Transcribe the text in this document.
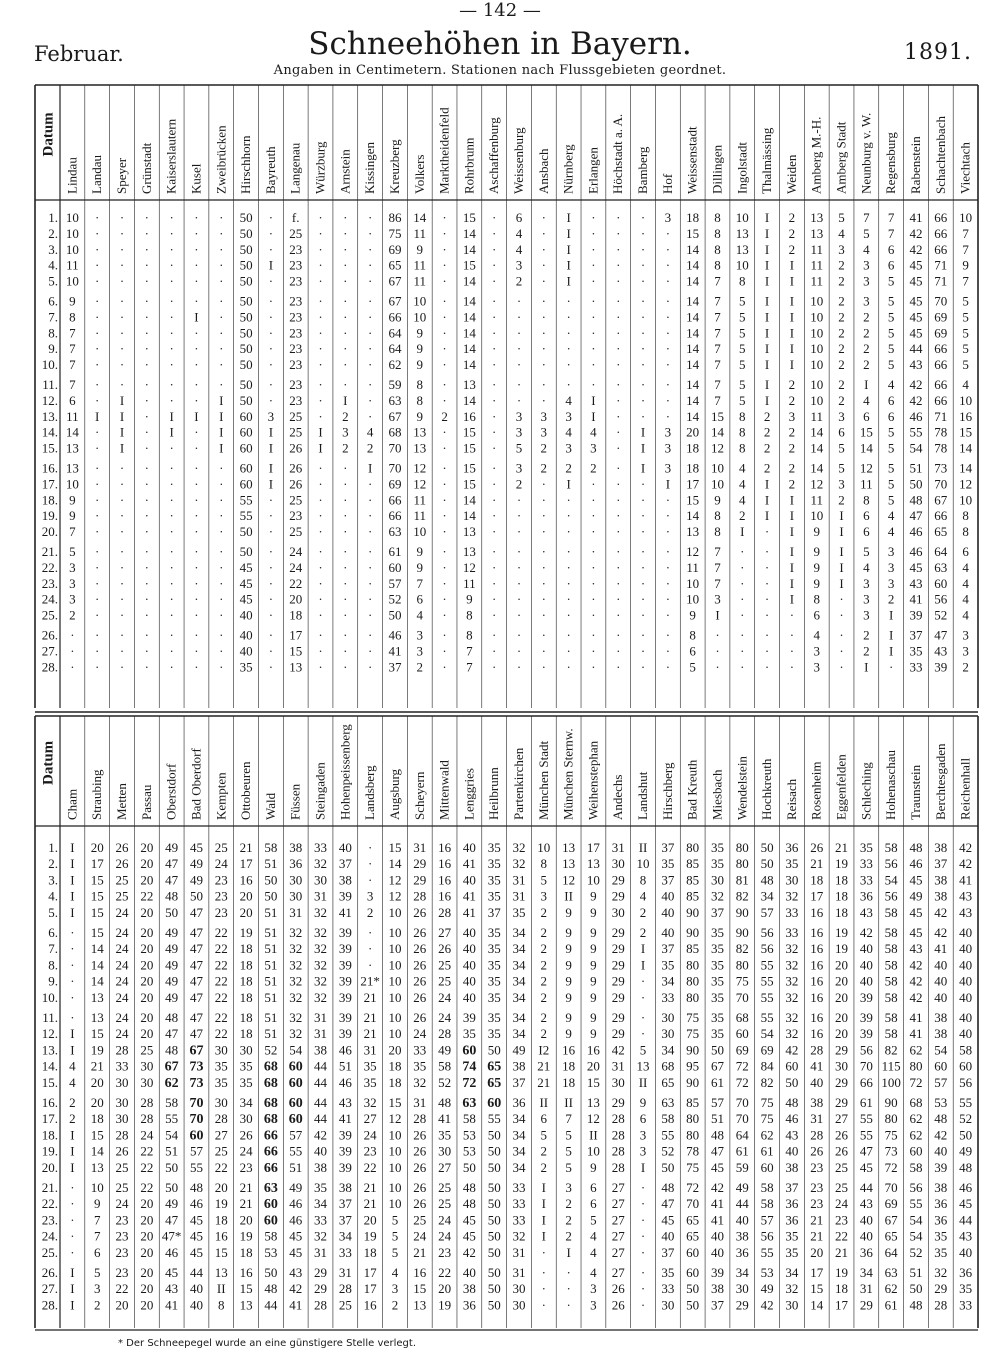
— 142 —
Februar.	Schneehöhen in Bayern.
Angaben in Centimetern. Stationen nach Flussgebieten geordnet.
1891.
Datum
Lindau Landau Speyer Grünstadt Kaiserslautern Kusel Zweibrücken Hirschhorn Bayreuth Langenau Würzburg Arnstein Kissingen Kreuzberg Volkers Marktheidenfeld Rohrbrunn Aschaffenburg Weissenburg Ansbach Nürnberg Erlangen Höchstadt a. A. Bamberg Hof Weissenstadt Dillingen Ingolstadt Thalmässing Weiden Amberg M.-H. Amberg Stadt Neunburg v. W. Regensburg Rabenstein Schachtenbach Viechtach
1. 10 · · · · · · 50 · f. · · · 86 14 · 15 · 6 · I · · · 3 18 8 10 I 2 13 5 7 7 41 66 10
2. 10 · · · · · · 50 · 25 · · · 75 11 · 14 · 4 · I · · · · 15 8 13 I 2 13 4 5 7 42 66 7
3. 10 · · · · · · 50 · 23 · · · 69 9 · 14 · 4 · I · · · · 14 8 13 I 2 11 3 4 6 42 66 7
4. 11 · · · · · · 50 I 23 · · · 65 11 · 15 · 3 · I · · · · 14 8 10 I I 11 2 3 6 45 71 9
5. 10 · · · · · · 50 · 23 · · · 67 11 · 14 · 2 · I · · · · 14 7 8 I I 11 2 3 5 45 71 7
6. 9 · · · · · · 50 · 23 · · · 67 10 · 14 · · · · · · · · 14 7 5 I I 10 2 3 5 45 70 5
7. 8 · · · · I · 50 · 23 · · · 66 10 · 14 · · · · · · · · 14 7 5 I I 10 2 2 5 45 69 5
8. 7 · · · · · · 50 · 23 · · · 64 9 · 14 · · · · · · · · 14 7 5 I I 10 2 2 5 45 69 5
9. 7 · · · · · · 50 · 23 · · · 64 9 · 14 · · · · · · · · 14 7 5 I I 10 2 2 5 44 66 5
10. 7 · · · · · · 50 · 23 · · · 62 9 · 14 · · · · · · · · 14 7 5 I I 10 2 2 5 43 66 5
11. 7 · · · · · · 50 · 23 · · · 59 8 · 13 · · · · · · · · 14 7 5 I 2 10 2 I 4 42 66 4
12. 6 · I · · · I 50 · 23 · I · 63 8 · 14 · · · 4 I · · · 14 7 5 I 2 10 2 4 6 42 66 10
13. 11 I I · I I I 60 3 25 · 2 · 67 9 2 16 · 3 3 3 I · · · 14 15 8 2 3 11 3 6 6 46 71 16
14. 14 · I · I · I 60 I 25 I 3 4 68 13 · 15 · 3 3 4 4 · I 3 20 14 8 2 2 14 6 15 5 55 78 15
15. 13 · I · · · I 60 I 26 I 2 2 70 13 · 15 · 5 2 3 3 · I 3 18 12 8 2 2 14 5 14 5 54 78 14
16. 13 · · · · · · 60 I 26 · · I 70 12 · 15 · 3 2 2 2 · I 3 18 10 4 2 2 14 5 12 5 51 73 14
17. 10 · · · · · · 60 I 26 · · · 69 12 · 15 · 2 · I · · · I 17 10 4 I 2 12 3 11 5 50 70 12
18. 9 · · · · · · 55 · 25 · · · 66 11 · 14 · · · · · · · · 15 9 4 I I 11 2 8 5 48 67 10
19. 9 · · · · · · 55 · 23 · · · 66 11 · 14 · · · · · · · · 14 8 2 I I 10 I 6 4 47 66 8
20. 7 · · · · · · 50 · 25 · · · 63 10 · 13 · · · · · · · · 13 8 I · I 9 I 6 4 46 65 8
21. 5 · · · · · · 50 · 24 · · · 61 9 · 13 · · · · · · · · 12 7 · · I 9 I 5 3 46 64 6
22. 3 · · · · · · 45 · 24 · · · 60 9 · 12 · · · · · · · · 11 7 · · I 9 I 4 3 45 63 4
23. 3 · · · · · · 45 · 22 · · · 57 7 · 11 · · · · · · · · 10 7 · · I 9 I 3 3 43 60 4
24. 3 · · · · · · 45 · 20 · · · 52 6 · 9 · · · · · · · · 10 3 · · I 8 · 3 2 41 56 4
25. 2 · · · · · · 40 · 18 · · · 50 4 · 8 · · · · · · · · 9 I · · · 6 · 3 I 39 52 4
26. · · · · · · · 40 · 17 · · · 46 3 · 8 · · · · · · · · 8 · · · · 4 · 2 I 37 47 3
27. · · · · · · · 40 · 15 · · · 41 3 · 7 · · · · · · · · 6 · · · · 3 · 2 I 35 43 3
28. · · · · · · · 35 · 13 · · · 37 2 · 7 · · · · · · · · 5 · · · · 3 · I · 33 39 2
Datum
Cham Straubing Metten Passau Oberstdorf Bad Oberdorf Kempten Ottobeuren Wald Füssen Steingaden Hohenpeissenberg Landsberg Augsburg Scheyern Mittenwald Lenggries Heilbrunn Partenkirchen München Stadt München Sternw. Weihenstephan Andechs Landshut Hirschberg Bad Kreuth Miesbach Wendelstein Hochkreuth Reisach Rosenheim Eggenfelden Schleching Hohenaschau Traunstein Berchtesgaden Reichenhall
1. I 20 26 20 49 45 25 21 58 38 33 40 · 15 31 16 40 35 32 10 13 17 31 II 37 80 35 80 50 36 26 21 35 58 48 38 42
2. I 17 26 20 47 49 24 17 51 36 32 37 · 14 29 16 41 35 32 8 13 13 30 10 35 85 35 80 50 35 21 19 33 56 46 37 42
3. I 15 25 20 47 49 23 16 50 30 30 38 · 12 29 16 40 35 31 5 12 10 29 8 37 85 30 81 48 30 18 18 33 54 45 38 41
4. I 15 25 22 48 50 23 20 50 30 31 39 3 12 28 16 41 35 31 3 II 9 29 4 40 85 32 82 34 32 17 18 36 56 49 38 43
5. I 15 24 20 50 47 23 20 51 31 32 41 2 10 26 28 41 37 35 2 9 9 30 2 40 90 37 90 57 33 16 18 43 58 45 42 43
6. · 15 24 20 49 47 22 19 51 32 32 39 · 10 26 27 40 35 34 2 9 9 29 2 40 90 35 90 56 33 16 19 42 58 45 42 40
7. · 14 24 20 49 47 22 18 51 32 32 39 · 10 26 26 40 35 34 2 9 9 29 I 37 85 35 82 56 32 16 19 40 58 43 41 40
8. · 14 24 20 49 47 22 18 51 32 32 39 · 10 26 25 40 35 34 2 9 9 29 I 35 80 35 80 55 32 16 20 40 58 42 40 40
9. · 14 24 20 49 47 22 18 51 32 32 39 21* 10 26 25 40 35 34 2 9 9 29 · 34 80 35 75 55 32 16 20 40 58 42 40 40
10. · 13 24 20 49 47 22 18 51 32 32 39 21 10 26 24 40 35 34 2 9 9 29 · 33 80 35 70 55 32 16 20 39 58 42 40 40
11. · 13 24 20 48 47 22 18 51 32 31 39 21 10 26 24 39 35 34 2 9 9 29 · 30 75 35 68 55 32 16 20 39 58 41 38 40
12. I 15 24 20 47 47 22 18 51 32 31 39 21 10 24 28 35 35 34 2 9 9 29 · 30 75 35 60 54 32 16 20 39 58 41 38 40
13. I 19 28 25 48 67 30 30 52 54 38 46 31 20 33 49 60 50 49 I2 16 16 42 5 34 90 50 69 69 42 28 29 56 82 62 54 58
14. 4 21 33 30 67 73 35 35 68 60 44 51 35 18 35 58 74 65 38 21 18 20 31 13 68 95 67 72 84 60 41 30 70 115 80 60 60
15. 4 20 30 30 62 73 35 35 68 60 44 46 35 18 32 52 72 65 37 21 18 15 30 II 65 90 61 72 82 50 40 29 66 100 72 57 56
16. 2 20 30 28 58 70 30 34 68 60 44 43 32 15 31 48 63 60 36 II II 13 29 9 63 85 57 70 75 48 38 29 61 90 68 53 55
17. 2 18 30 28 55 70 28 30 68 60 44 41 27 12 28 41 58 55 34 6 7 12 28 6 58 80 51 70 75 46 31 27 55 80 62 48 52
18. I 15 28 24 54 60 27 26 66 57 42 39 24 10 26 35 53 50 34 5 5 II 28 3 55 80 48 64 62 43 28 26 55 75 62 42 50
19. I 14 26 22 51 57 25 24 66 55 40 39 23 10 26 30 53 50 34 2 5 10 28 3 52 78 47 61 61 40 26 26 47 73 60 40 49
20. I 13 25 22 50 55 22 23 66 51 38 39 22 10 26 27 50 50 34 2 5 9 28 I 50 75 45 59 60 38 23 25 45 72 58 39 48
21. · 10 25 22 50 48 20 21 63 49 35 38 21 10 26 25 48 50 33 I 3 6 27 · 48 72 42 49 58 37 23 25 44 70 56 38 46
22. · 9 24 20 49 46 19 21 60 46 34 37 21 10 26 25 48 50 33 I 2 6 27 · 47 70 41 44 58 36 23 24 43 69 55 36 45
23. · 7 23 20 47 45 18 20 60 46 33 37 20 5 25 24 45 50 33 I 2 5 27 · 45 65 41 40 57 36 21 23 40 67 54 36 44
24. · 7 23 20 47* 45 16 19 58 45 32 34 19 5 24 24 45 50 32 I 2 4 27 · 40 65 40 38 56 35 21 22 40 65 54 35 43
25. · 6 23 20 46 45 15 18 53 45 31 33 18 5 21 23 42 50 31 · I 4 27 · 37 60 40 36 55 35 20 21 36 64 52 35 40
26. I 5 23 20 45 44 13 16 50 43 29 31 17 4 16 22 40 50 31 · · 4 27 · 35 60 39 34 53 34 17 19 34 63 51 32 36
27. I 3 22 20 43 40 II 15 48 42 29 28 17 3 15 20 38 50 30 · · 3 26 · 33 50 38 30 49 32 15 18 31 62 50 29 35
28. I 2 20 20 41 40 8 13 44 41 28 25 16 2 13 19 36 50 30 · · 3 26 · 30 50 37 29 42 30 14 17 29 61 48 28 33
* Der Schneepegel wurde an eine günstigere Stelle verlegt.
